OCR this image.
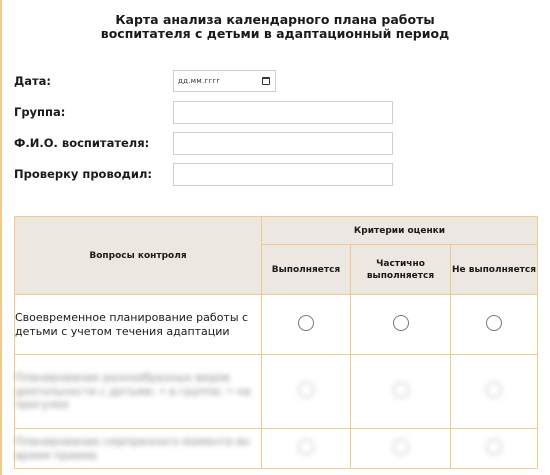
Карта анализа календарного плана работы
воспитателя с детьми в адаптационный период
Дата:	дд.мм.гггг
Группа:
Ф.И.О. воспитателя:
Проверку проводил:
Вопросы контроля	Критерии оценки		
	Выполняется	Частично выполняется	Не выполняется
Своевременное планирование работы с детьми с учетом течения адаптации			
Планирование разнообразных видов деятельности с детьми: • в группе; • на прогулке			
Планирование сюрпризного момента во время приема			
